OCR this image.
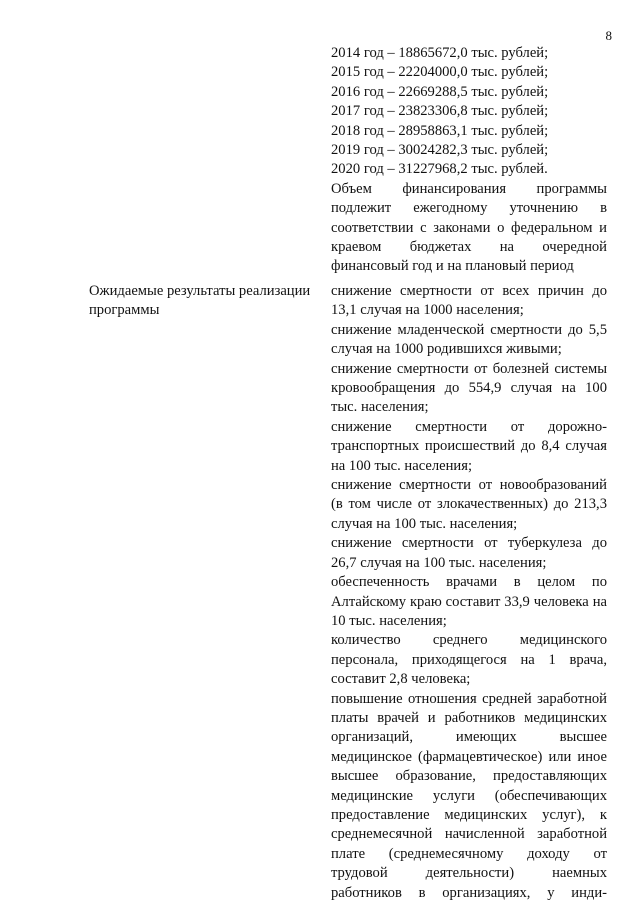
8
2014 год – 18865672,0 тыс. рублей;
2015 год – 22204000,0 тыс. рублей;
2016 год – 22669288,5 тыс. рублей;
2017 год – 23823306,8 тыс. рублей;
2018 год – 28958863,1 тыс. рублей;
2019 год – 30024282,3 тыс. рублей;
2020 год – 31227968,2 тыс. рублей.
Объем финансирования программы подлежит ежегодному уточнению в соответствии с законами о федеральном и краевом бюджетах на очередной финансовый год и на плановый период
Ожидаемые результаты реализации программы
снижение смертности от всех причин до 13,1 случая на 1000 населения;
снижение младенческой смертности до 5,5 случая на 1000 родившихся живыми;
снижение смертности от болезней системы кровообращения до 554,9 случая на 100 тыс. населения;
снижение смертности от дорожно-транспортных происшествий до 8,4 случая на 100 тыс. населения;
снижение смертности от новообразований (в том числе от злокачественных) до 213,3 случая на 100 тыс. населения;
снижение смертности от туберкулеза до 26,7 случая на 100 тыс. населения;
обеспеченность врачами в целом по Алтайскому краю составит 33,9 человека на 10 тыс. населения;
количество среднего медицинского персонала, приходящегося на 1 врача, составит 2,8 человека;
повышение отношения средней заработной платы врачей и работников медицинских организаций, имеющих высшее медицинское (фармацевтическое) или иное высшее образование, предоставляющих медицинские услуги (обеспечивающих предоставление медицинских услуг), к среднемесячной начисленной заработной плате (среднемесячному доходу от трудовой деятельности) наемных работников в организациях, у инди-
